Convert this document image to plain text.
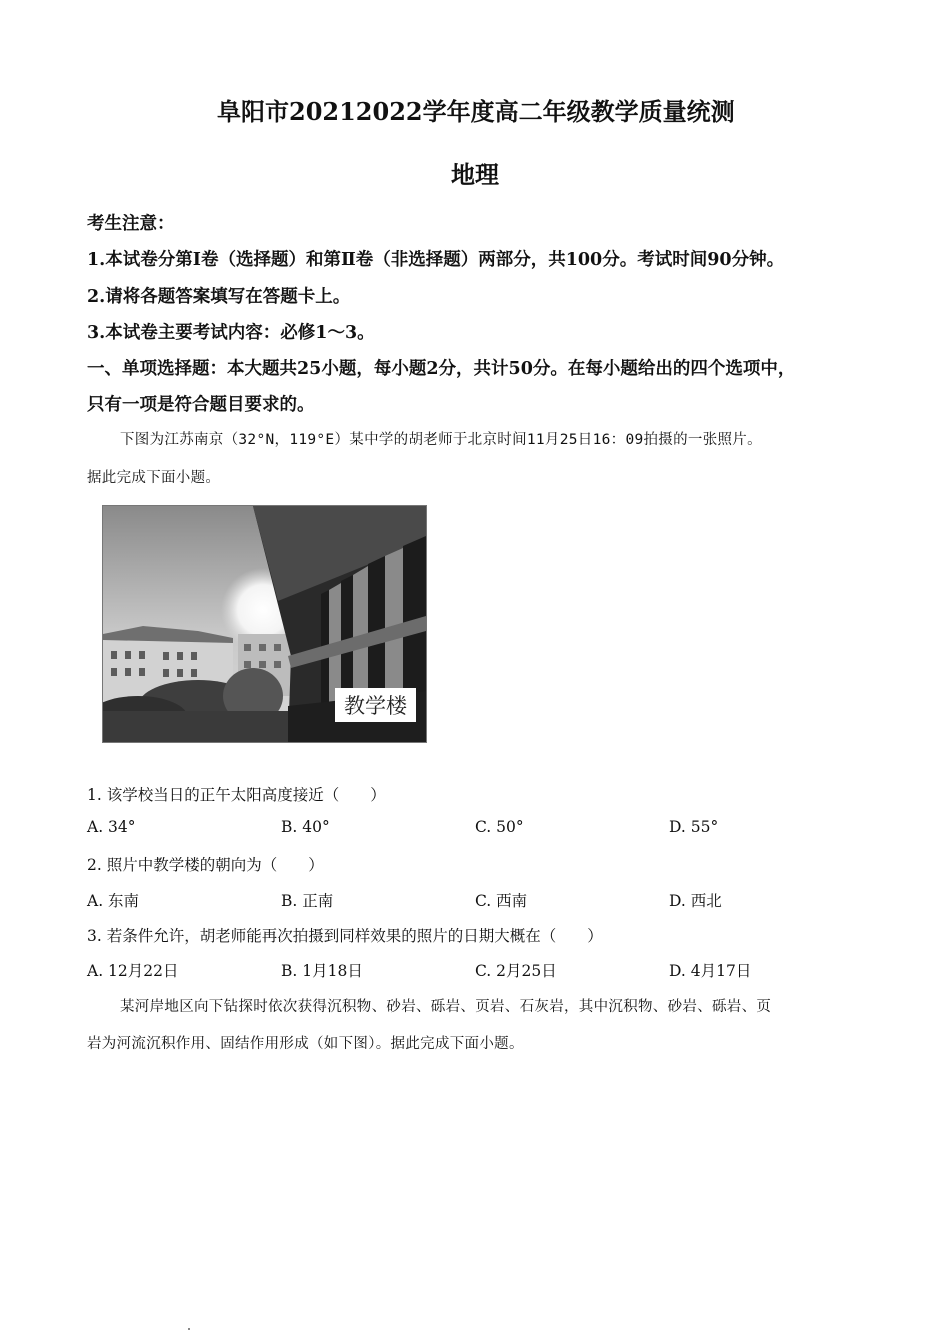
阜阳市20212022学年度高二年级教学质量统测
地理
考生注意：
1.本试卷分第Ⅰ卷（选择题）和第Ⅱ卷（非选择题）两部分，共100分。考试时间90分钟。
2.请将各题答案填写在答题卡上。
3.本试卷主要考试内容：必修1～3。
一、单项选择题：本大题共25小题，每小题2分，共计50分。在每小题给出的四个选项中，
只有一项是符合题目要求的。
下图为江苏南京（32°N，119°E）某中学的胡老师于北京时间11月25日16：09拍摄的一张照片。
据此完成下面小题。
教学楼
1. 该学校当日的正午太阳高度接近（　　）
A. 34°	B. 40°	C. 50°	D. 55°
2. 照片中教学楼的朝向为（　　）
A. 东南	B. 正南	C. 西南	D. 西北
3. 若条件允许，胡老师能再次拍摄到同样效果的照片的日期大概在（　　）
A. 12月22日	B. 1月18日	C. 2月25日	D. 4月17日
某河岸地区向下钻探时依次获得沉积物、砂岩、砾岩、页岩、石灰岩，其中沉积物、砂岩、砾岩、页
岩为河流沉积作用、固结作用形成（如下图）。据此完成下面小题。
